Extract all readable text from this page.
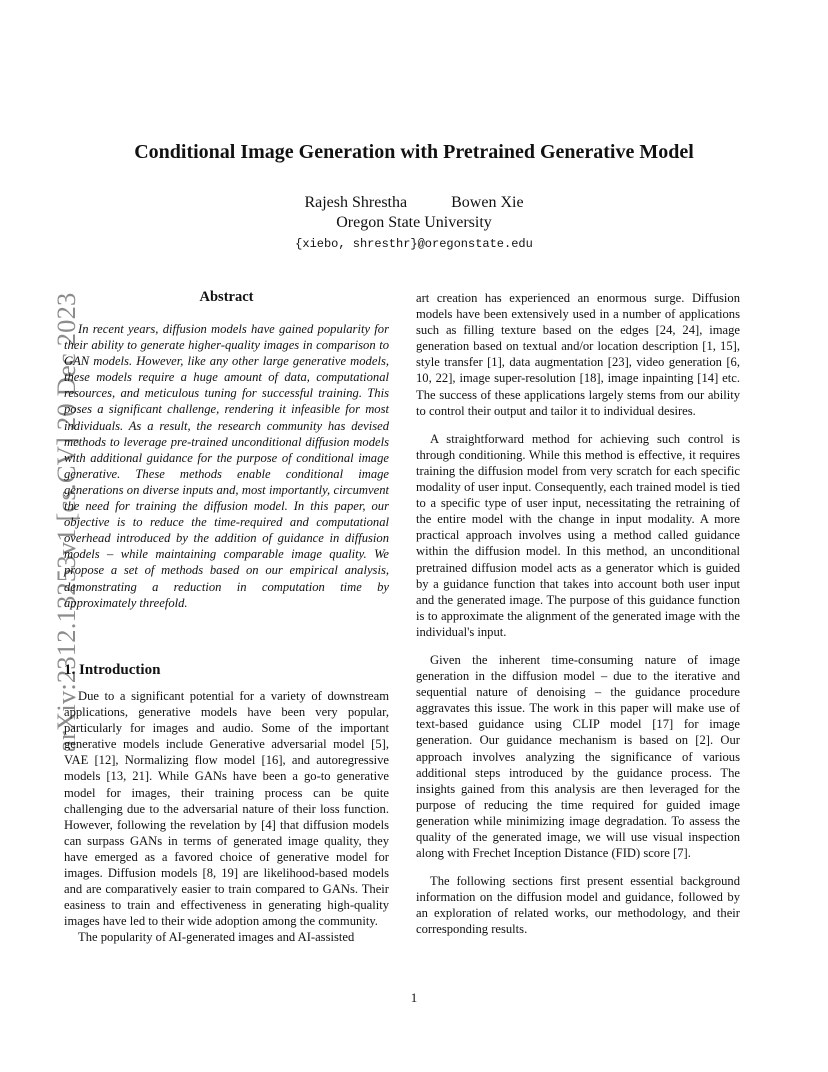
arXiv:2312.13253v1 [cs.CV] 20 Dec 2023
Conditional Image Generation with Pretrained Generative Model
Rajesh Shrestha	Bowen Xie
Oregon State University
{xiebo, shresthr}@oregonstate.edu
Abstract

In recent years, diffusion models have gained popularity for their ability to generate higher-quality images in comparison to GAN models. However, like any other large generative models, these models require a huge amount of data, computational resources, and meticulous tuning for successful training. This poses a significant challenge, rendering it infeasible for most individuals. As a result, the research community has devised methods to leverage pre-trained unconditional diffusion models with additional guidance for the purpose of conditional image generative. These methods enable conditional image generations on diverse inputs and, most importantly, circumvent the need for training the diffusion model. In this paper, our objective is to reduce the time-required and computational overhead introduced by the addition of guidance in diffusion models – while maintaining comparable image quality. We propose a set of methods based on our empirical analysis, demonstrating a reduction in computation time by approximately threefold.

1. Introduction

Due to a significant potential for a variety of downstream applications, generative models have been very popular, particularly for images and audio. Some of the important generative models include Generative adversarial model [5], VAE [12], Normalizing flow model [16], and autoregressive models [13, 21]. While GANs have been a go-to generative model for images, their training process can be quite challenging due to the adversarial nature of their loss function. However, following the revelation by [4] that diffusion models can surpass GANs in terms of generated image quality, they have emerged as a favored choice of generative model for images. Diffusion models [8, 19] are likelihood-based models and are comparatively easier to train compared to GANs. Their easiness to train and effectiveness in generating high-quality images have led to their wide adoption among the community.

The popularity of AI-generated images and AI-assisted

art creation has experienced an enormous surge. Diffusion models have been extensively used in a number of applications such as filling texture based on the edges [24, 24], image generation based on textual and/or location description [1, 15], style transfer [1], data augmentation [23], video generation [6, 10, 22], image super-resolution [18], image inpainting [14] etc. The success of these applications largely stems from our ability to control their output and tailor it to individual desires.

A straightforward method for achieving such control is through conditioning. While this method is effective, it requires training the diffusion model from very scratch for each specific modality of user input. Consequently, each trained model is tied to a specific type of user input, necessitating the retraining of the entire model with the change in input modality. A more practical approach involves using a method called guidance within the diffusion model. In this method, an unconditional pretrained diffusion model acts as a generator which is guided by a guidance function that takes into account both user input and the generated image. The purpose of this guidance function is to approximate the alignment of the generated image with the individual's input.

Given the inherent time-consuming nature of image generation in the diffusion model – due to the iterative and sequential nature of denoising – the guidance procedure aggravates this issue. The work in this paper will make use of text-based guidance using CLIP model [17] for image generation. Our guidance mechanism is based on [2]. Our approach involves analyzing the significance of various additional steps introduced by the guidance process. The insights gained from this analysis are then leveraged for the purpose of reducing the time required for guided image generation while minimizing image degradation. To assess the quality of the generated image, we will use visual inspection along with Frechet Inception Distance (FID) score [7].

The following sections first present essential background information on the diffusion model and guidance, followed by an exploration of related works, our methodology, and their corresponding results.

1
